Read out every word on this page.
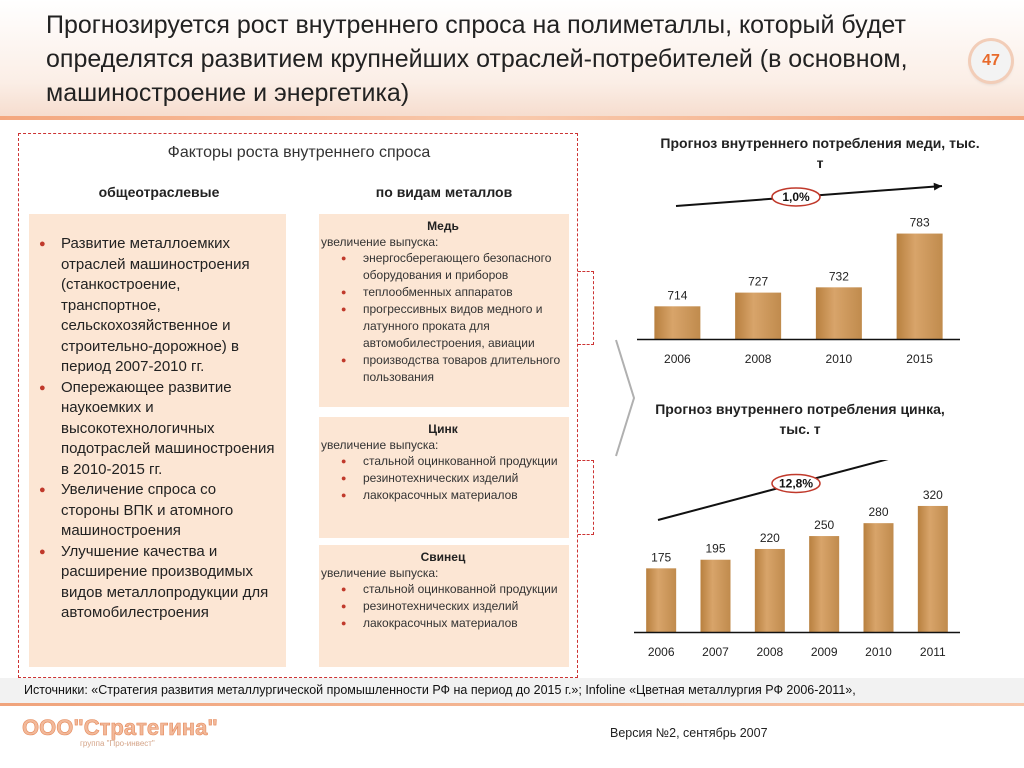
Прогнозируется рост внутреннего спроса на полиметаллы, который будет определятся развитием крупнейших отраслей-потребителей (в основном, машиностроение и энергетика)
47
Факторы роста внутреннего спроса
общеотраслевые	по видам металлов
● Развитие металлоемких отраслей машиностроения (станкостроение, транспортное, сельскохозяйственное и строительно-дорожное) в период 2007-2010 гг.
● Опережающее развитие наукоемких и высокотехнологичных подотраслей машиностроения в 2010-2015 гг.
● Увеличение спроса со стороны ВПК и атомного машиностроения
● Улучшение качества и расширение производимых видов металлопродукции для автомобилестроения
Медь
увеличение выпуска:
● энергосберегающего безопасного оборудования и приборов
● теплообменных аппаратов
● прогрессивных видов медного и латунного проката для автомобилестроения, авиации
● производства товаров длительного пользования
Цинк
увеличение выпуска:
● стальной оцинкованной продукции
● резинотехнических изделий
● лакокрасочных материалов
Свинец
увеличение выпуска:
● стальной оцинкованной продукции
● резинотехнических изделий
● лакокрасочных материалов
Прогноз внутреннего потребления меди, тыс. т
714
2006
727
2008
732
2010
783
2015
1,0%
Прогноз внутреннего потребления цинка, тыс. т
175
2006
195
2007
220
2008
250
2009
280
2010
320
2011
12,8%
Источники: «Стратегия развития металлургической промышленности РФ на период до 2015 г.»; Infoline «Цветная металлургия РФ 2006-2011»,
ООО"Стратегина"
группа "Про-инвест"
Версия №2, сентябрь 2007
